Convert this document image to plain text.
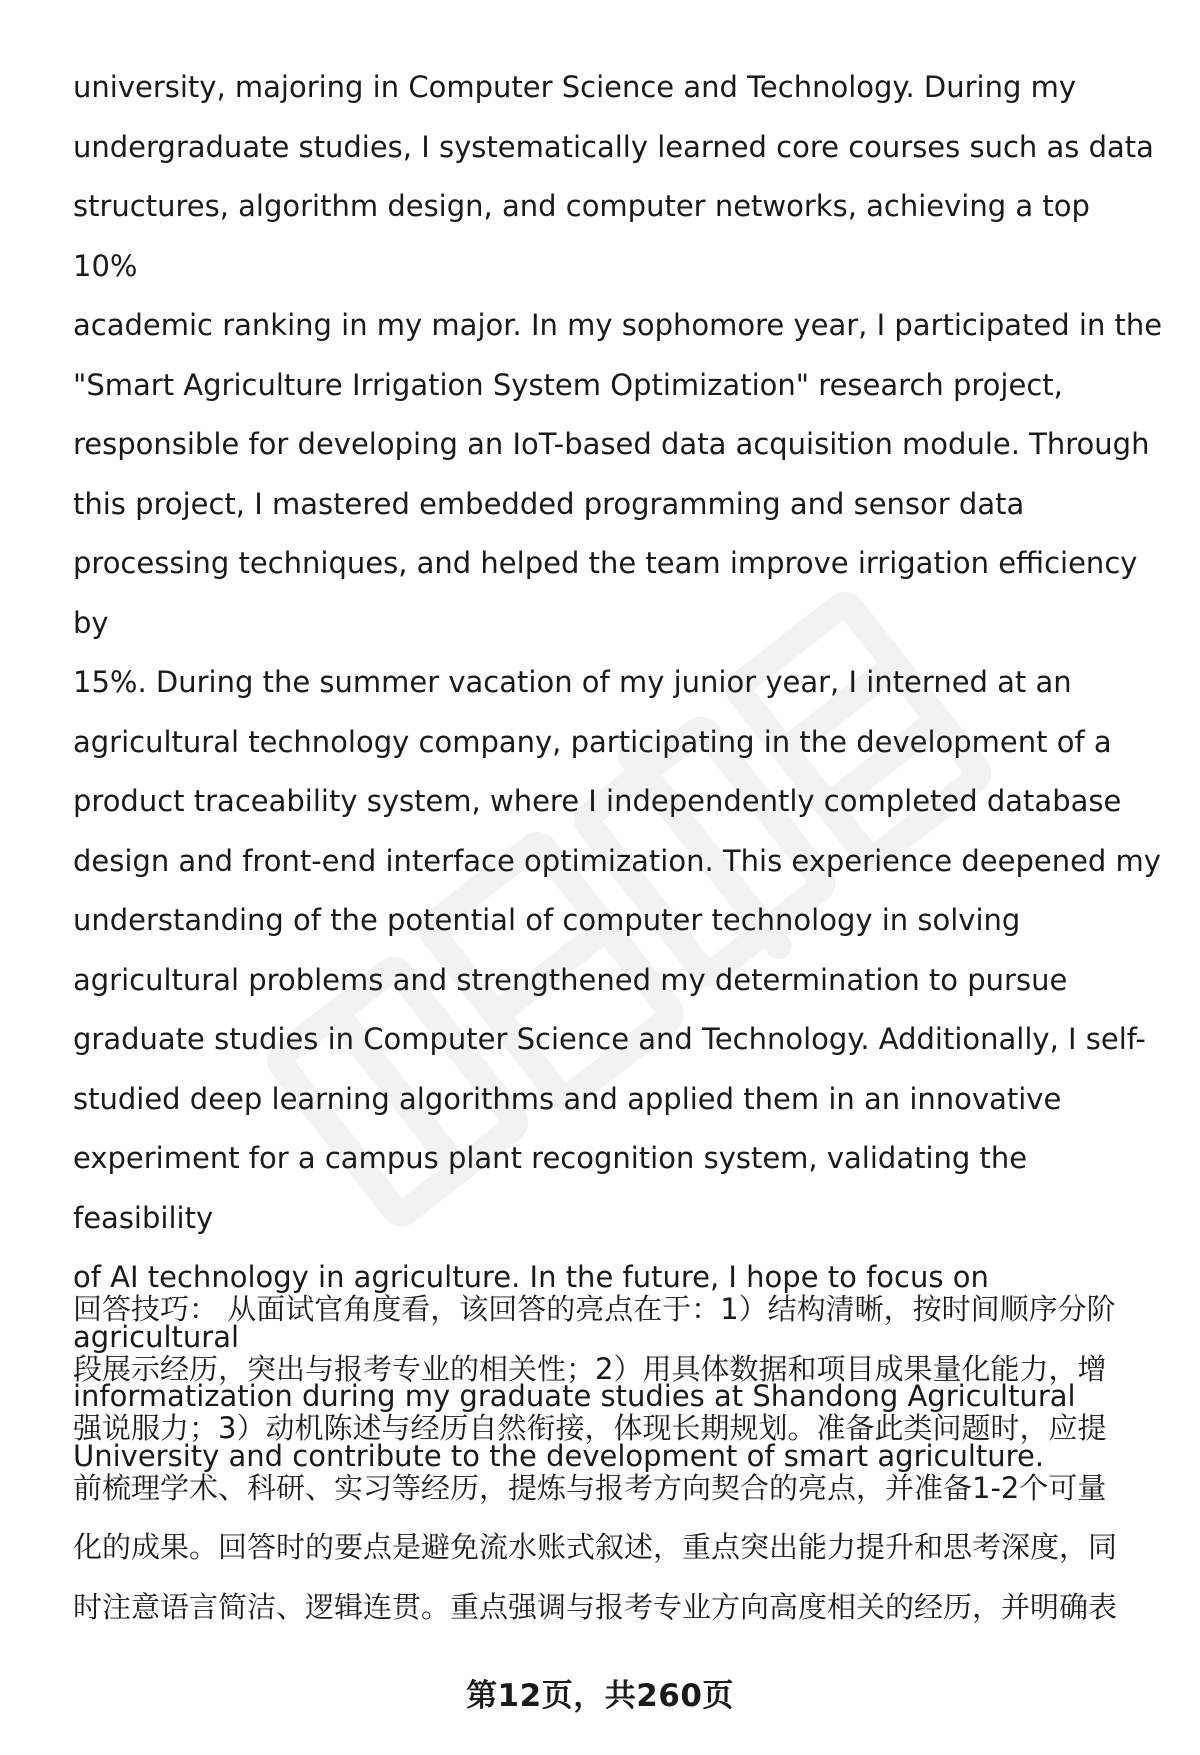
university, majoring in Computer Science and Technology. During my
undergraduate studies, I systematically learned core courses such as data
structures, algorithm design, and computer networks, achieving a top 10%
academic ranking in my major. In my sophomore year, I participated in the
"Smart Agriculture Irrigation System Optimization" research project,
responsible for developing an IoT-based data acquisition module. Through
this project, I mastered embedded programming and sensor data
processing techniques, and helped the team improve irrigation efficiency by
15%. During the summer vacation of my junior year, I interned at an
agricultural technology company, participating in the development of a
product traceability system, where I independently completed database
design and front-end interface optimization. This experience deepened my
understanding of the potential of computer technology in solving
agricultural problems and strengthened my determination to pursue
graduate studies in Computer Science and Technology. Additionally, I self-
studied deep learning algorithms and applied them in an innovative
experiment for a campus plant recognition system, validating the feasibility
of AI technology in agriculture. In the future, I hope to focus on agricultural
informatization during my graduate studies at Shandong Agricultural
University and contribute to the development of smart agriculture.

回答技巧： 从面试官角度看，该回答的亮点在于：1）结构清晰，按时间顺序分阶
段展示经历，突出与报考专业的相关性；2）用具体数据和项目成果量化能力，增
强说服力；3）动机陈述与经历自然衔接，体现长期规划。准备此类问题时，应提
前梳理学术、科研、实习等经历，提炼与报考方向契合的亮点，并准备1-2个可量
化的成果。回答时的要点是避免流水账式叙述，重点突出能力提升和思考深度，同
时注意语言简洁、逻辑连贯。重点强调与报考专业方向高度相关的经历，并明确表

第12页，共260页
